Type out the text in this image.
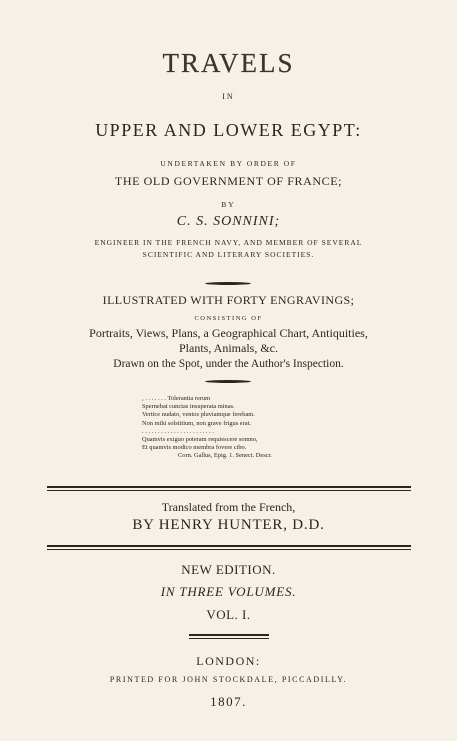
TRAVELS
IN
UPPER AND LOWER EGYPT:
UNDERTAKEN BY ORDER OF
THE OLD GOVERNMENT OF FRANCE;
BY
C. S. SONNINI;
ENGINEER IN THE FRENCH NAVY, AND MEMBER OF SEVERAL
SCIENTIFIC AND LITERARY SOCIETIES.
ILLUSTRATED WITH FORTY ENGRAVINGS;
CONSISTING OF
Portraits, Views, Plans, a Geographical Chart, Antiquities,
Plants, Animals, &c.
Drawn on the Spot, under the Author's Inspection.
, . . . . . . . Tolerantia rerum
Spernebat cunctas insuperata minas.
Vertice nudato, ventos pluviamque ferebam.
Non mihi solstitium, non grave frigus erat.
. . . . . . . . . . . . . . . . . . . . . . .
Quamvis exiguo poteram requiescere somno,
Et quamvis modico membra fovere cibo.
Corn. Gallus, Epig. 1. Senect. Descr.
Translated from the French,
BY HENRY HUNTER, D.D.
NEW EDITION.
IN THREE VOLUMES.
VOL. I.
LONDON:
PRINTED FOR JOHN STOCKDALE, PICCADILLY.
1807.
